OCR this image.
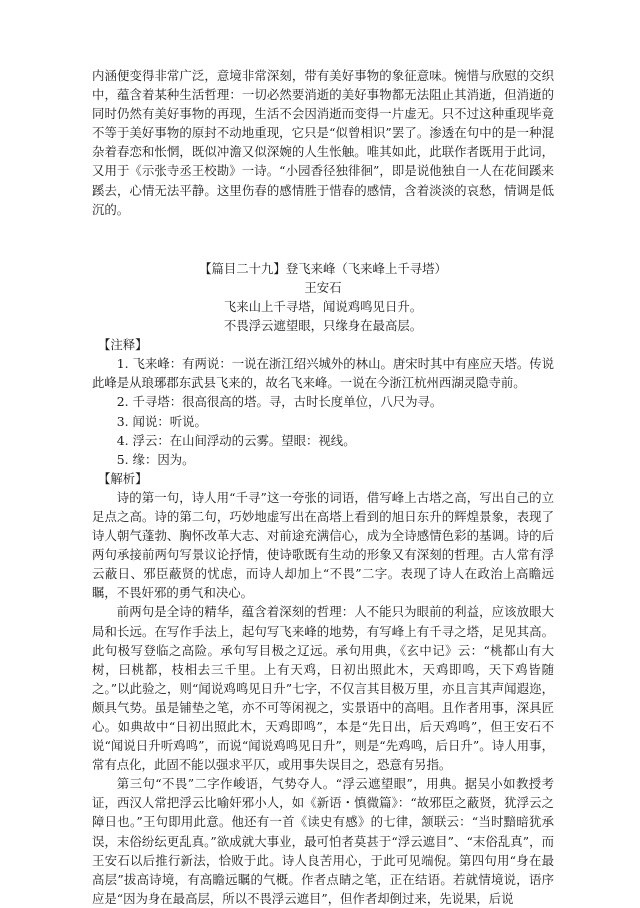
内涵便变得非常广泛，意境非常深刻，带有美好事物的象征意味。惋惜与欣慰的交织中，蕴含着某种生活哲理：一切必然要消逝的美好事物都无法阻止其消逝，但消逝的同时仍然有美好事物的再现，生活不会因消逝而变得一片虚无。只不过这种重现毕竟不等于美好事物的原封不动地重现，它只是“似曾相识”罢了。渗透在句中的是一种混杂着春恋和怅惘，既似冲澹又似深婉的人生怅触。唯其如此，此联作者既用于此词，又用于《示张寺丞王校勘》一诗。“小园香径独徘徊”，即是说他独自一人在花间蹊来蹊去，心情无法平静。这里伤春的感情胜于惜春的感情，含着淡淡的哀愁，情调是低沉的。

【篇目二十九】登飞来峰（飞来峰上千寻塔）

王安石

飞来山上千寻塔，闻说鸡鸣见日升。

不畏浮云遮望眼，只缘身在最高层。

【注释】

1. 飞来峰：有两说：一说在浙江绍兴城外的林山。唐宋时其中有座应天塔。传说此峰是从琅琊郡东武县飞来的，故名飞来峰。一说在今浙江杭州西湖灵隐寺前。

2. 千寻塔：很高很高的塔。寻，古时长度单位，八尺为寻。

3. 闻说：听说。

4. 浮云：在山间浮动的云雾。望眼：视线。

5. 缘：因为。

【解析】

诗的第一句，诗人用“千寻”这一夸张的词语，借写峰上古塔之高，写出自己的立足点之高。诗的第二句，巧妙地虚写出在高塔上看到的旭日东升的辉煌景象，表现了诗人朝气蓬勃、胸怀改革大志、对前途充满信心，成为全诗感情色彩的基调。诗的后两句承接前两句写景议论抒情，使诗歌既有生动的形象又有深刻的哲理。古人常有浮云蔽日、邪臣蔽贤的忧虑，而诗人却加上“不畏”二字。表现了诗人在政治上高瞻远瞩，不畏奸邪的勇气和决心。

前两句是全诗的精华，蕴含着深刻的哲理：人不能只为眼前的利益，应该放眼大局和长远。在写作手法上，起句写飞来峰的地势，有写峰上有千寻之塔，足见其高。此句极写登临之高险。承句写目极之辽远。承句用典，《玄中记》云：“桃都山有大树，曰桃都，枝相去三千里。上有天鸡，日初出照此木，天鸡即鸣，天下鸡皆随之。”以此验之，则“闻说鸡鸣见日升”七字，不仅言其目极万里，亦且言其声闻遐迩，颇具气势。虽是铺垫之笔，亦不可等闲视之，实景语中的高唱。且作者用事，深具匠心。如典故中“日初出照此木，天鸡即鸣”，本是“先日出，后天鸡鸣”，但王安石不说“闻说日升听鸡鸣”，而说“闻说鸡鸣见日升”，则是“先鸡鸣，后日升”。诗人用事，常有点化，此固不能以强求平仄，或用事失误目之，恐意有另指。

第三句“不畏”二字作峻语，气势夺人。“浮云遮望眼”，用典。据吴小如教授考证，西汉人常把浮云比喻奸邪小人，如《新语・慎微篇》：“故邪臣之蔽贤，犹浮云之障日也。”王句即用此意。他还有一首《读史有感》的七律，颔联云：“当时黯暗犹承误，末俗纷纭更乱真。”欲成就大事业，最可怕者莫甚于“浮云遮目”、“末俗乱真”，而王安石以后推行新法，恰败于此。诗人良苦用心，于此可见端倪。第四句用“身在最高层”拔高诗境，有高瞻远瞩的气概。作者点睛之笔，正在结语。若就情境说，语序应是“因为身在最高层，所以不畏浮云遮目”，但作者却倒过来，先说果，后说
